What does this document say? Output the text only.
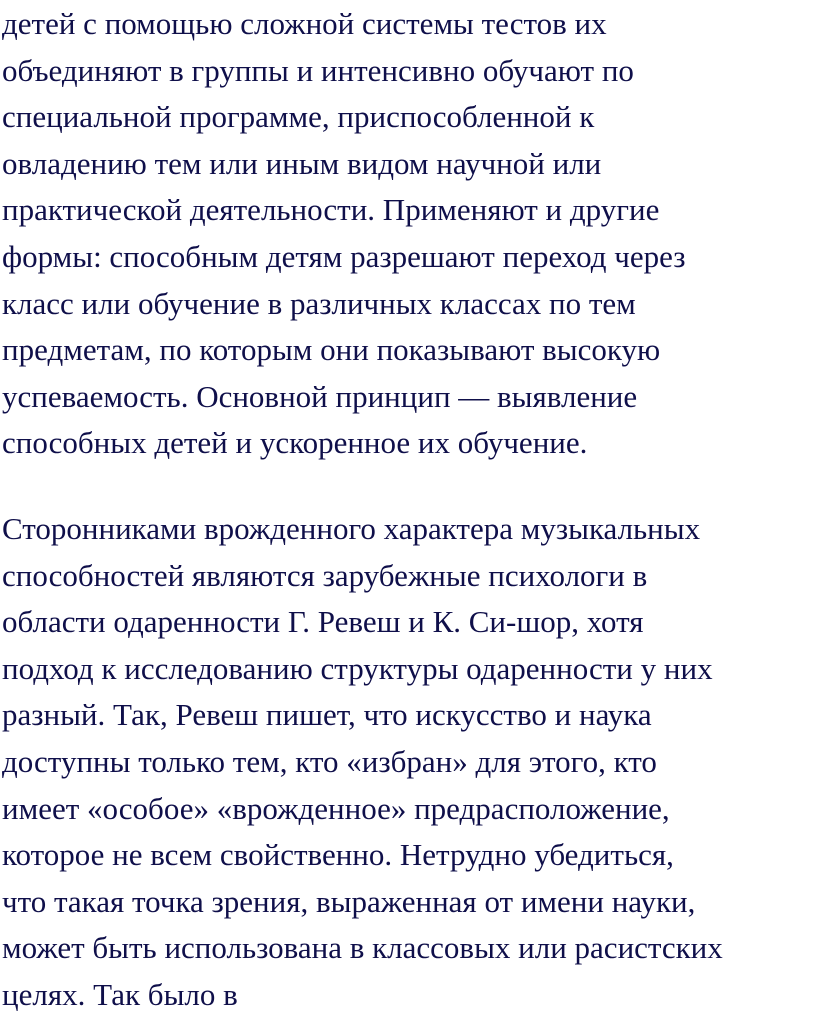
детей с помощью сложной системы тестов их
объединяют в группы и интенсивно обучают по
специальной программе, приспособленной к
овладению тем или иным видом научной или
практической деятельности. Применяют и другие
формы: способным детям разрешают переход через
класс или обучение в различных классах по тем
предметам, по которым они показывают высокую
успеваемость. Основной принцип — выявление
способных детей и ускоренное их обучение.
Сторонниками врожденного характера музыкальных
способностей являются зарубежные психологи в
области одаренности Г. Ревеш и К. Си-шор, хотя
подход к исследованию структуры одаренности у них
разный. Так, Ревеш пишет, что искусство и наука
доступны только тем, кто «избран» для этого, кто
имеет «особое» «врожденное» предрасположение,
которое не всем свойственно. Нетрудно убедиться,
что такая точка зрения, выраженная от имени науки,
может быть использована в классовых или расистских
целях. Так было в
